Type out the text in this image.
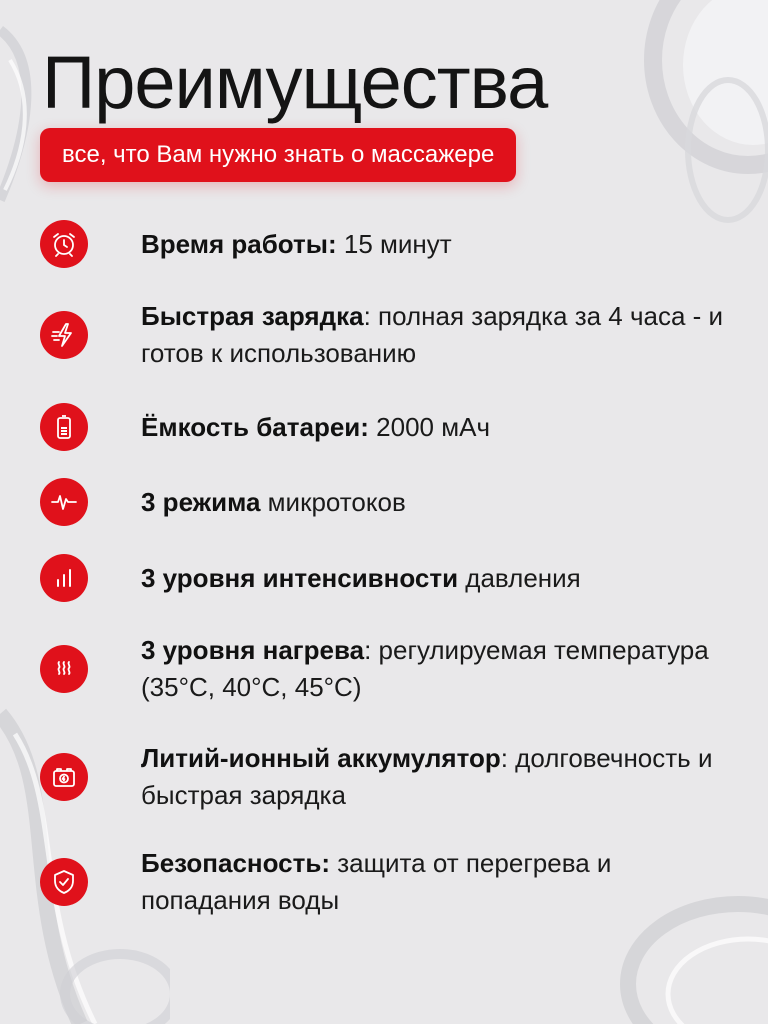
Преимущества
все, что Вам нужно знать о массажере
Время работы: 15 минут
Быстрая зарядка: полная зарядка за 4 часа - и готов к использованию
Ёмкость батареи: 2000 мАч
3 режима микротоков
3 уровня интенсивности давления
3 уровня нагрева: регулируемая температура (35°C, 40°C, 45°C)
Литий-ионный аккумулятор: долговечность и быстрая зарядка
Безопасность: защита от перегрева и попадания воды
